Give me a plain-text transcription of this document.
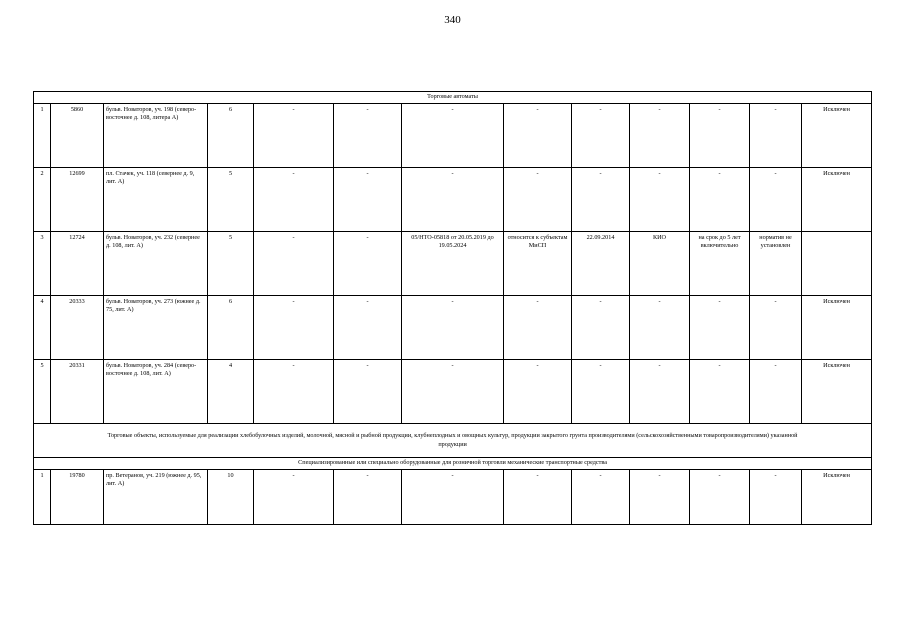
340
Торговые автоматы												
1	5860	бульв. Новаторов, уч. 198 (северо-восточнее д. 108, литера А)	6	-	-	-	-	-	-	-	-	Исключен
2	12699	пл. Стачек, уч. 118 (севернее д. 9, лит. А)	5	-	-	-	-	-	-	-	-	Исключен
3	12724	бульв. Новаторов, уч. 232 (севернее д. 108, лит. А)	5	-	-	05/НТО-05818 от 20.05.2019 до 19.05.2024	относится к субъектам МиСП	22.09.2014	КИО	на срок до 5 лет включительно	норматив не установлен	
4	20333	бульв. Новаторов, уч. 273 (южнее д. 75, лит. А)	6	-	-	-	-	-	-	-	-	Исключен
5	20331	бульв. Новаторов, уч. 284 (северо-восточнее д. 108, лит. А)	4	-	-	-	-	-	-	-	-	Исключен
Торговые объекты, используемые для реализации хлебобулочных изделий, молочной, мясной и рыбной продукции, клубнеплодных и овощных культур, продукции закрытого грунта производителями (сельскохозяйственными товаропроизводителями) указанной продукции												
Специализированные или специально оборудованные для розничной торговли механические транспортные средства												
1	19780	пр. Ветеранов, уч. 219 (южнее д. 95, лит. А)	10	-	-	-	-	-	-	-	-	Исключен
